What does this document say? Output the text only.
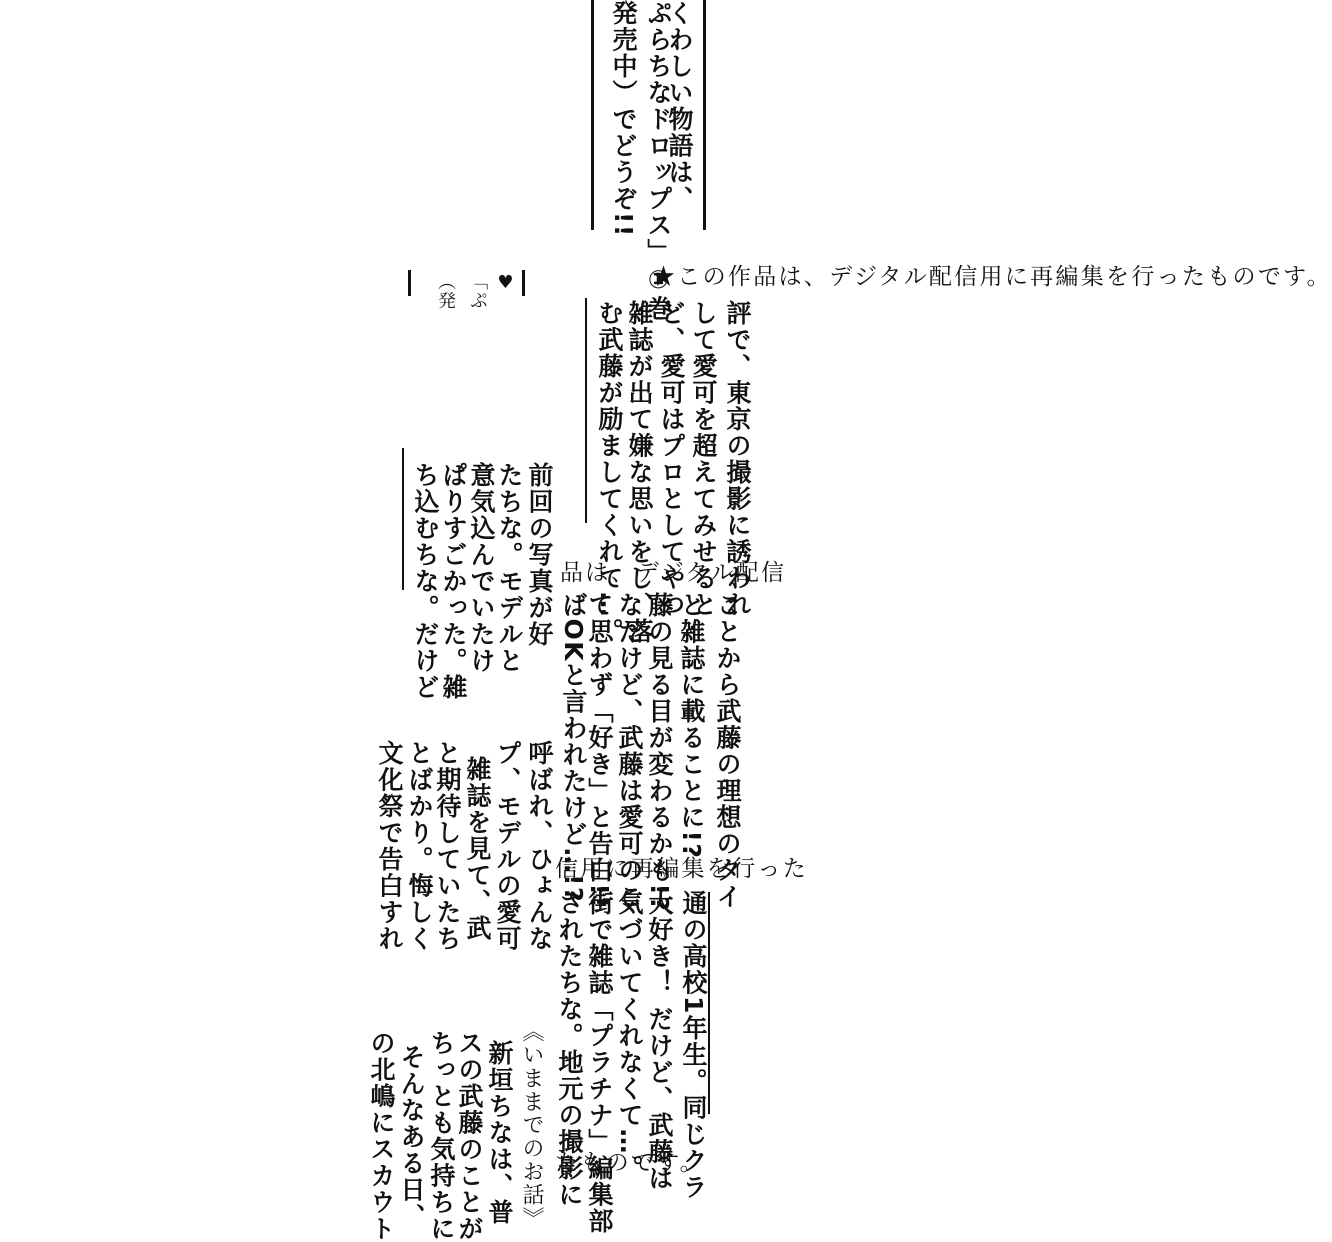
くわしい物語は、
ぷらちなドロップス」①巻
発売中）でどうぞ!!
♥
「ぷ
（発	★この作品は、デジタル配信用に再編集を行ったものです。
品は、デジタル配信
信用に再編集を行った
たものです。
評で、東京の撮影に誘われ
して愛可を超えてみせると
ど、愛可はプロとしてやつ
雑誌が出て嫌な思いをし、落
む武藤が励ましてくれて…。
前回の写真が好
たちな。モデルと
意気込んでいたけ
ぱりすごかった。雑
ち込むちな。だけど
ことから武藤の理想のタイ
と雑誌に載ることに!?
藤の見る目が変わるかも!?
なだけど、武藤は愛可のこ
て思わず「好き」と告白!!
ばOKと言われたけど…!?
呼ばれ、ひょんな
プ、モデルの愛可
雑誌を見て、武
と期待していたち
とばかり。悔しく
文化祭で告白すれ
通の高校1年生。同じクラ
大好き！ だけど、武藤は
気づいてくれなくて…。
街で雑誌「プラチナ」編集部
されたちな。地元の撮影に
《いままでのお話》
新垣ちなは、普
スの武藤のことが
ちっとも気持ちに
そんなある日、
の北嶋にスカウト
